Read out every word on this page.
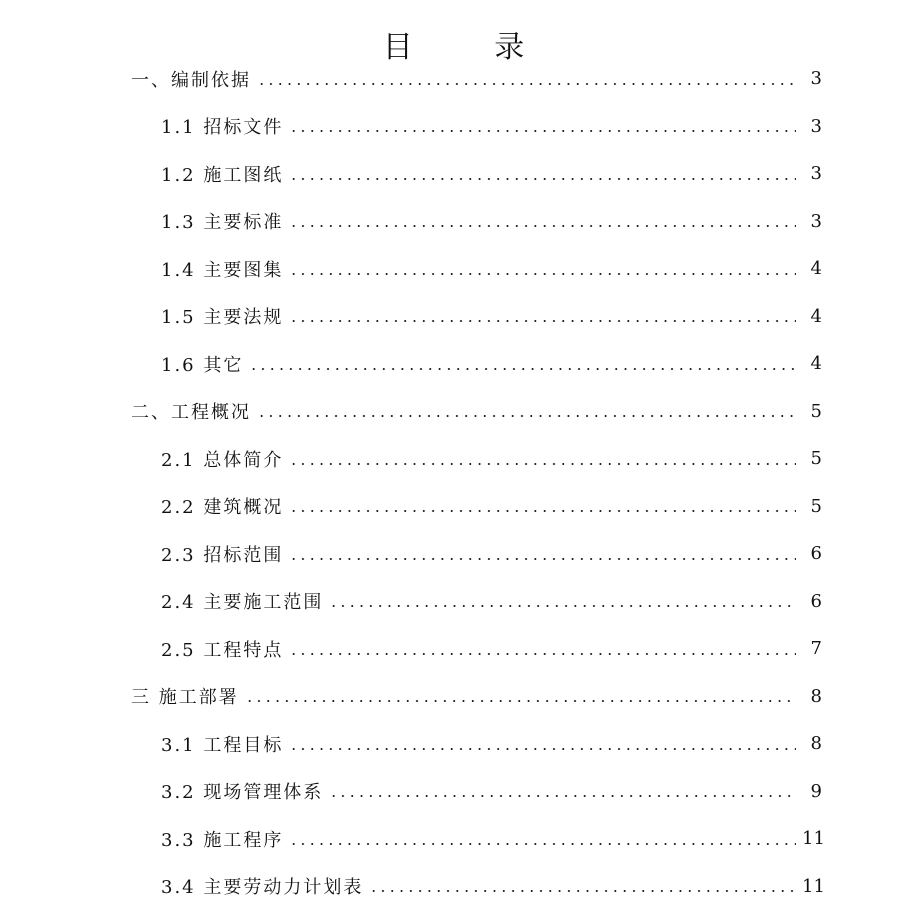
目 录
一、编制依据	3
1.1 招标文件	3
1.2 施工图纸	3
1.3 主要标准	3
1.4 主要图集	4
1.5 主要法规	4
1.6 其它	4
二、工程概况	5
2.1 总体简介	5
2.2 建筑概况	5
2.3 招标范围	6
2.4 主要施工范围	6
2.5 工程特点	7
三 施工部署	8
3.1 工程目标	8
3.2 现场管理体系	9
3.3 施工程序	11
3.4 主要劳动力计划表	11
